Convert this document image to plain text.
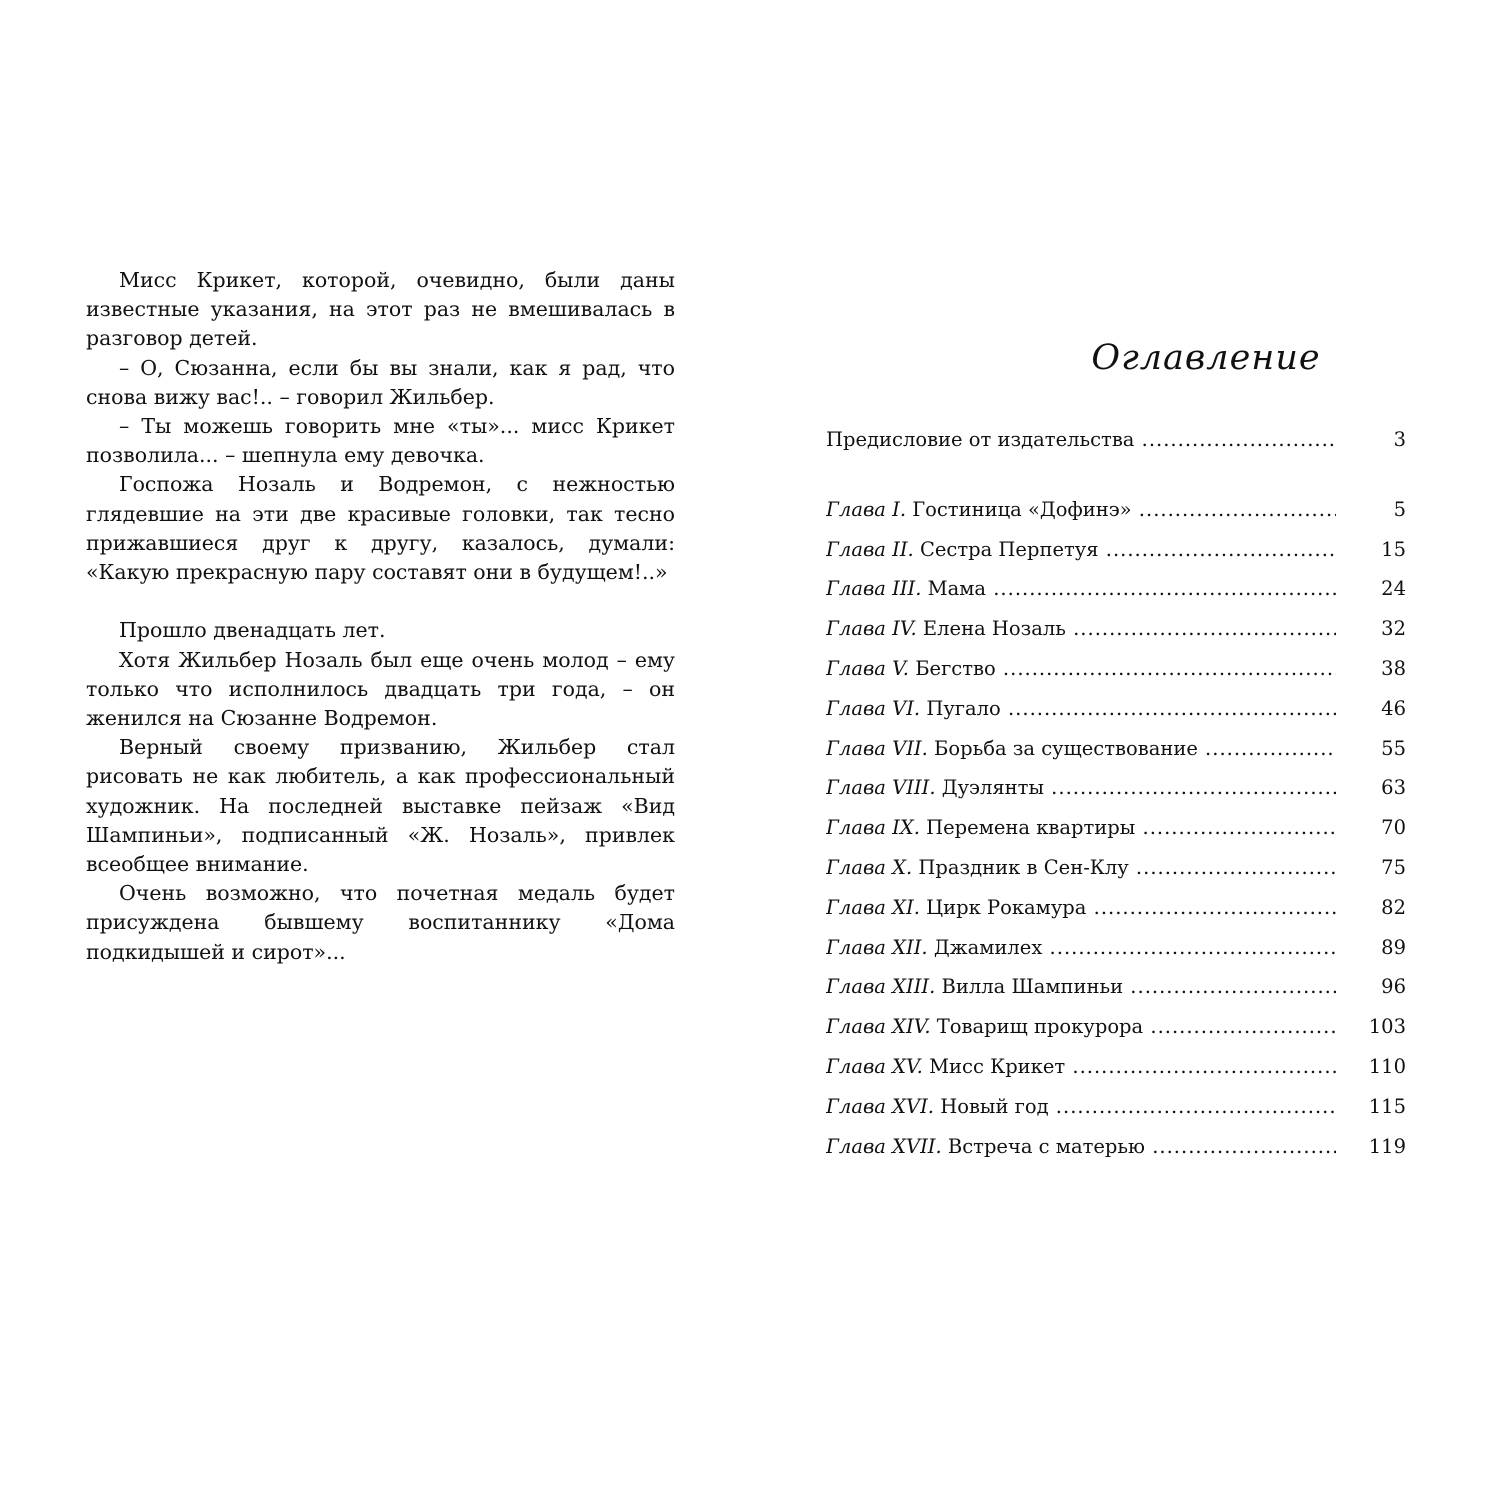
Мисс Крикет, которой, очевидно, были даны известные указания, на этот раз не вмешивалась в разговор детей.

– О, Сюзанна, если бы вы знали, как я рад, что снова вижу вас!.. – говорил Жильбер.

– Ты можешь говорить мне «ты»... мисс Крикет позволила... – шепнула ему девочка.

Госпожа Нозаль и Водремон, с нежностью глядевшие на эти две красивые головки, так тесно прижавшиеся друг к другу, казалось, думали: «Какую прекрасную пару составят они в будущем!..»

Прошло двенадцать лет.

Хотя Жильбер Нозаль был еще очень молод – ему только что исполнилось двадцать три года, – он женился на Сюзанне Водремон.

Верный своему призванию, Жильбер стал рисовать не как любитель, а как профессиональный художник. На последней выставке пейзаж «Вид Шампиньи», подписанный «Ж. Нозаль», привлек всеобщее внимание.

Очень возможно, что почетная медаль будет присуждена бывшему воспитаннику «Дома подкидышей и сирот»...

Оглавление
Предисловие от издательства .....	3
Глава I. Гостиница «Дофинэ» .....	5
Глава II. Сестра Перпетуя .....	15
Глава III. Мама .....	24
Глава IV. Елена Нозаль .....	32
Глава V. Бегство .....	38
Глава VI. Пугало .....	46
Глава VII. Борьба за существование .....	55
Глава VIII. Дуэлянты .....	63
Глава IX. Перемена квартиры .....	70
Глава X. Праздник в Сен-Клу .....	75
Глава XI. Цирк Рокамура .....	82
Глава XII. Джамилех .....	89
Глава XIII. Вилла Шампиньи .....	96
Глава XIV. Товарищ прокурора .....	103
Глава XV. Мисс Крикет .....	110
Глава XVI. Новый год .....	115
Глава XVII. Встреча с матерью .....	119
